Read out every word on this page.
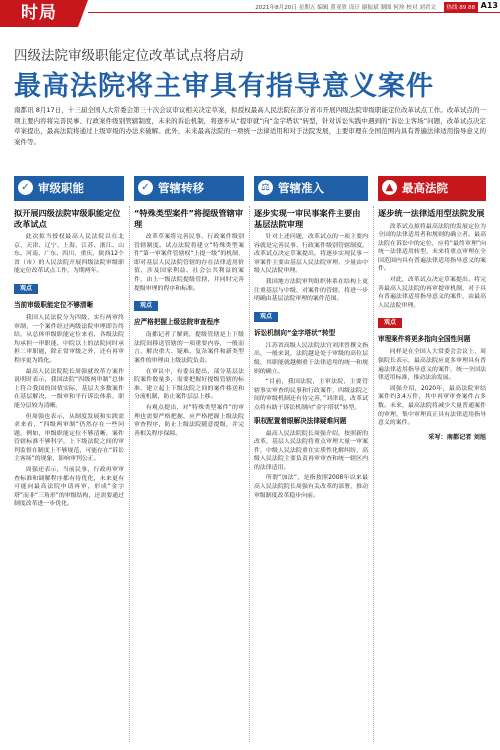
时局	2021年8月20日 星期五 编辑 黄亚欣 设计 谢振斌 制图 何珍 校对 刘君文	热线 89 88 A13
四级法院审级职能定位改革试点将启动
最高法院将主审具有指导意义案件
南都讯 8月17日，十三届全国人大常委会第三十次会议审议相关决定草案，拟授权最高人民法院在部分省市开展四级法院审级职能定位改革试点工作。改革试点的一项主要内容将完善民事、行政案件级别管辖制度，未来的诉讼机制，将逐步从“提审就”向“金字塔状”转型，针对诉讼实践中遇到的“诉讼主客场”问题，改革试点决定草案提出，最高法院将通过上级审级的办法来破解。此外，未来最高法院的一项统一法律适用和对于法院发展，主要审理在全国范围内具有普遍法律适用指导意义的案件等。
✓ 审级职能	✓ 管辖转移	⚖ 管辖准入	▲ 最高法院
拟开展四级法院审级职能定位改革试点

此次拟当授权最高人民法院以在北京、天津、辽宁、上海、江苏、浙江、山东、河南、广东、四川、重庆、陕西12个省（市）的人民法院开展四级法院审级职能定位改革试点工作，为期两年。

观点
当前审级职能定位不够清晰

我国人民法院分为四级，实行两审终审制，一个案件经过两级法院审理即告终结，从总体审级职能定位来看，各级法院均承担一审职能，中院以上的法院同时承担二审职能，除正常审级之外，还有再审程序更为简化。

最高人民法院院长周强就改革方案作说明时表示，我国法院“四级两审制”总体上符合我国的国情实际，基层大多数案件在基层解决，一级审和平行诉讼体系，职能分层较为清晰。

但周强也表示，从制度发展和实践需求来看，“四级两审制”仍然存在一些问题。例如，审级职能定位不够清晰，案件管辖标准不够科学，上下级法院之间的审判监督在制度上不够规范，可能存在“诉讼主客场”的现象，影响审判公正。

周强还表示，当前民事、行政再审审查标准和调解程序都有待优化，未来更有可能向最高法院申请再审，形成“金字塔”而非“三角形”的审级结构，还需要通过制度改革进一步优化。

“特殊类型案件”将提级管辖审理

改革草案将完善民事、行政案件级别管辖制度。试点法院将建立“特殊类型案件”第一审案件管辖权“上提一级”的机制，即对基层人民法院管辖的存在法律适用价值、涉及国家利益、社会公共利益的案件，由上一级法院提级管辖，并同时完善提级审理的程序和标准。

观点
应严格把握上级法院审查程序

南都记者了解到，提级管辖是上下级法院间移送管辖的一项重要内容，一般而言，解决重大、疑难、复杂案件和新类型案件的审理由上级法院负责。

在审议中，有委员提出，部分基层法院案件数量多，需要把握好提级管辖的标准，建立起上下级法院之间的案件移送和分流机制，防止案件层层上移。

有观点提出，对“特殊类型案件”的审理也需要严格把握，应严格把握上级法院审查程序，防止上级法院随意提级，并完善相关程序保障。

逐步实现一审民事案件主要由基层法院审理

针对上述问题，改革试点的一项主要内容就是完善民事、行政案件级别管辖制度。改革试点决定草案提出，将逐步实现民事一审案件主要由基层人民法院审理、少量由中级人民法院审理。

我国地方法院审判组织体系在结构上更注重基层与中级，对案件的管辖，将进一步明确由基层法院审理的案件范围。

观点
诉讼机制向“金字塔状”转型

江苏省高级人民法院法官刘津曾撰文指出，一般来说，法院越是处于审级的高位层级，其职能就越侧重于法律适用的统一和规则的确立。

“目前，我国法院，主审法院，主要管辖事实审查的民事和行政案件，四级法院之间的审级机制还有待完善，”刘津说，改革试点将有助于诉讼机制向“金字塔状”转型。

职权配置着眼解决法律疑难问题

最高人民法院院长周强介绍，按照新的改革，基层人民法院将重点审理大量一审案件，中级人民法院重在实质性化解纠纷，高级人民法院主要负责再审审查和统一辖区内的法律适用。

所谓“加法”，是指按照2008年以来最高人民法院院长周强有关改革的部署，推动审级制度改革稳步向前。

逐步统一法律适用型法院发展

改革试点拟将最高法院的发展定位为全国的法律适用者和规则的确立者。最高法院在诉讼中的定位，应将“最终审理”向统一法律适用转型，未来将重点审理在全国范围内具有普遍法律适用指导意义的案件。

对此，改革试点决定草案提出，将完善最高人民法院的再审提审机制，对于具有普遍法律适用指导意义的案件，由最高人民法院审理。

观点
审理案件将更多指向全国性问题

同样是在全国人大常委会会议上，周强院长表示，最高法院应更多审理具有普遍法律适用指导意义的案件，统一全国法律适用标准，推动法治发展。

周强介绍，2020年，最高法院审结案件约3.4万件，其中再审审查案件占多数。未来，最高法院将减少大量普通案件的审理，集中审理真正具有法律适用指导意义的案件。

采写：南都记者 刘旭
